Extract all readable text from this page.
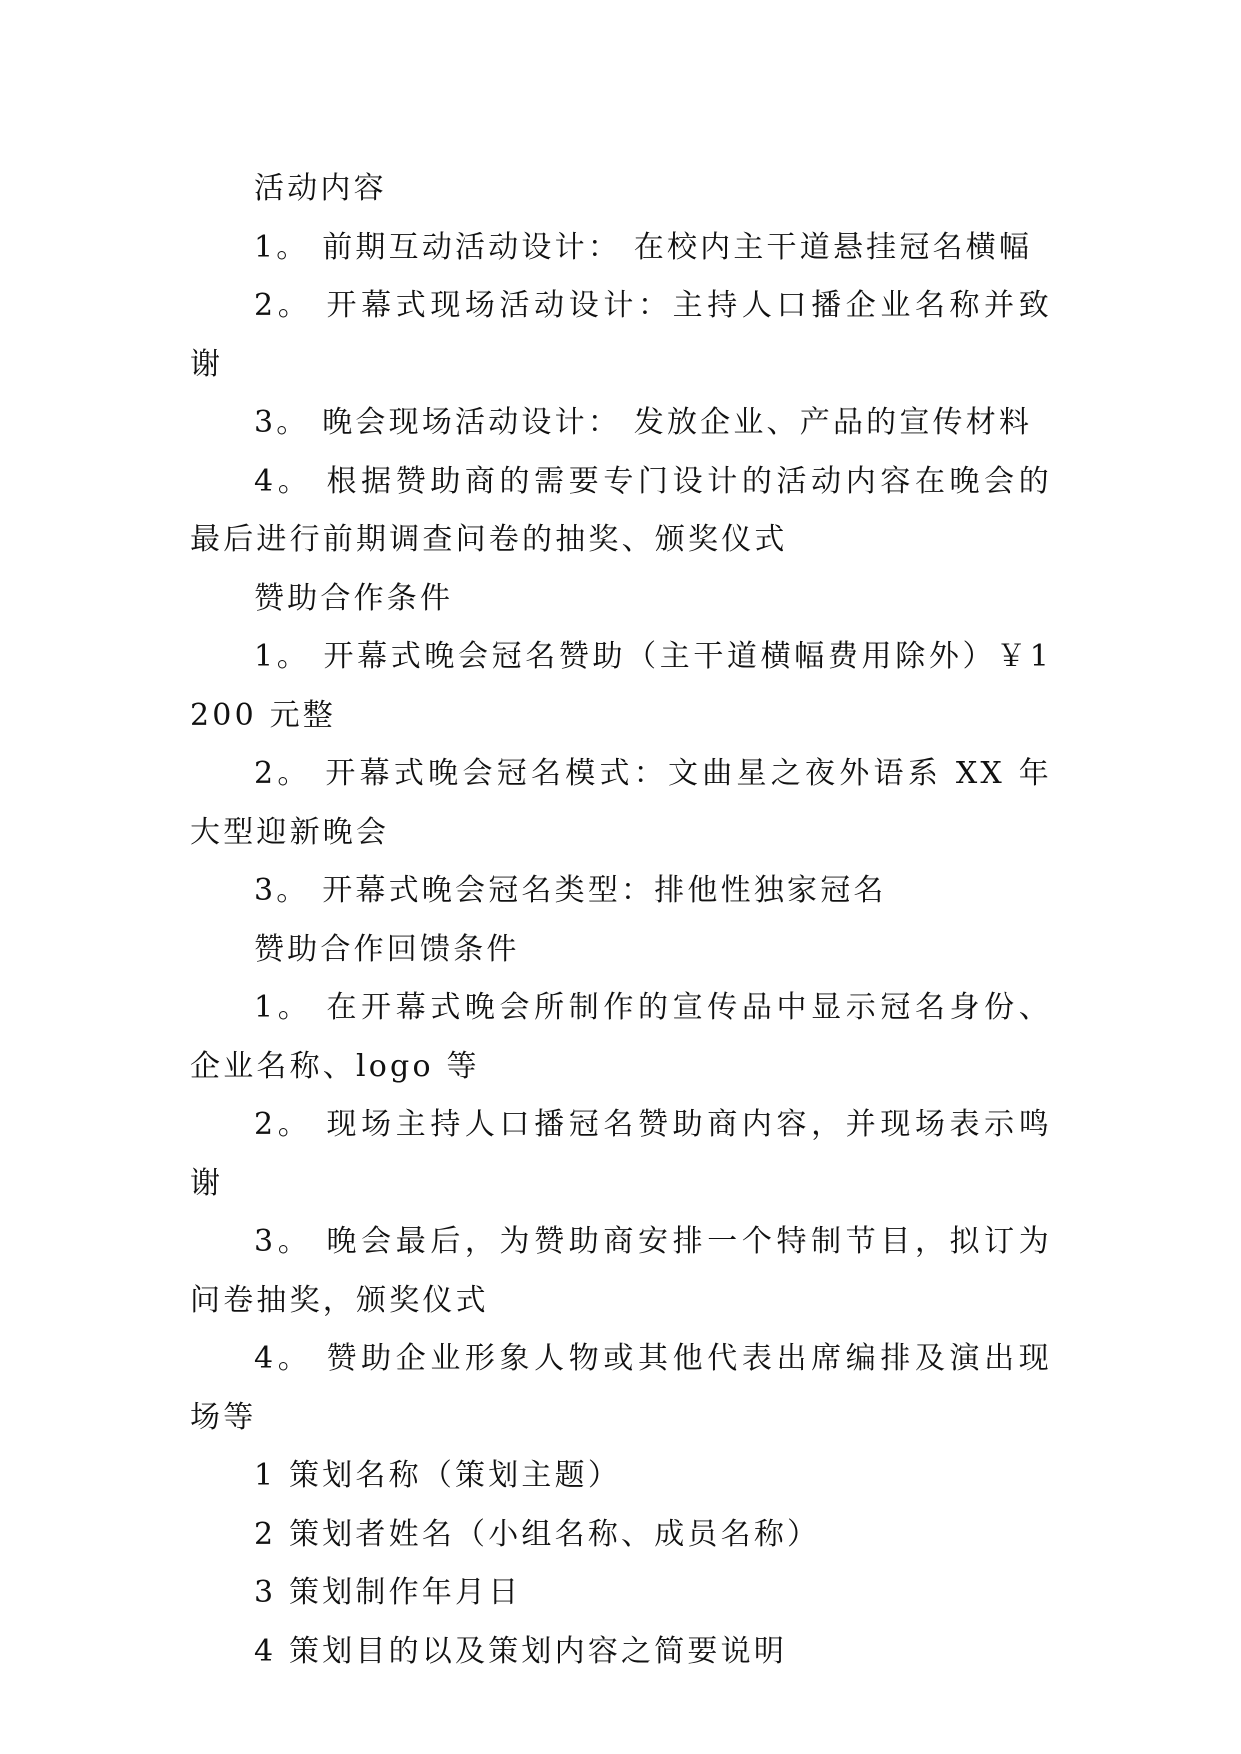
活动内容

1。 前期互动活动设计： 在校内主干道悬挂冠名横幅

2。 开幕式现场活动设计：主持人口播企业名称并致谢

3。 晚会现场活动设计： 发放企业、产品的宣传材料

4。 根据赞助商的需要专门设计的活动内容在晚会的最后进行前期调查问卷的抽奖、颁奖仪式

赞助合作条件

1。 开幕式晚会冠名赞助（主干道横幅费用除外）￥1200 元整

2。 开幕式晚会冠名模式：文曲星之夜外语系 XX 年大型迎新晚会

3。 开幕式晚会冠名类型：排他性独家冠名

赞助合作回馈条件

1。 在开幕式晚会所制作的宣传品中显示冠名身份、企业名称、logo 等

2。 现场主持人口播冠名赞助商内容，并现场表示鸣谢

3。 晚会最后，为赞助商安排一个特制节目，拟订为问卷抽奖，颁奖仪式

4。 赞助企业形象人物或其他代表出席编排及演出现场等

1 策划名称（策划主题）

2 策划者姓名（小组名称、成员名称）

3 策划制作年月日

4 策划目的以及策划内容之简要说明
